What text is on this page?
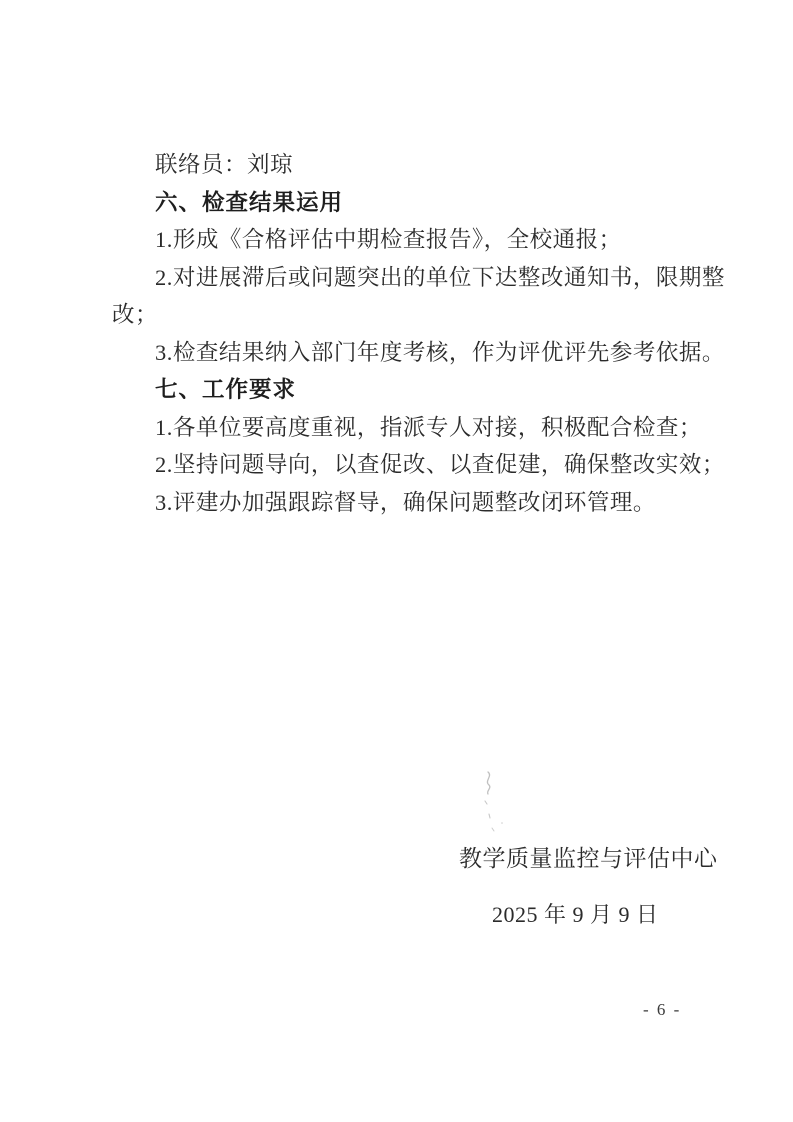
联络员：刘琼
六、检查结果运用
1.形成《合格评估中期检查报告》，全校通报；
2.对进展滞后或问题突出的单位下达整改通知书，限期整
改；
3.检查结果纳入部门年度考核，作为评优评先参考依据。
七、工作要求
1.各单位要高度重视，指派专人对接，积极配合检查；
2.坚持问题导向，以查促改、以查促建，确保整改实效；
3.评建办加强跟踪督导，确保问题整改闭环管理。
教学质量监控与评估中心
2025 年 9 月 9 日
- 6 -
